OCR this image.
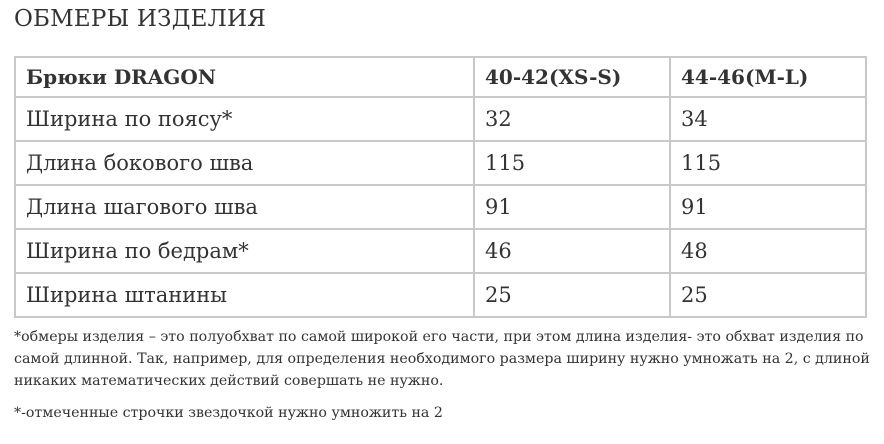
ОБМЕРЫ ИЗДЕЛИЯ
Брюки DRAGON	40-42(XS-S)	44-46(M-L)
Ширина по поясу*	32	34
Длина бокового шва	115	115
Длина шагового шва	91	91
Ширина по бедрам*	46	48
Ширина штанины	25	25
*обмеры изделия – это полуобхват по самой широкой его части, при этом длина изделия- это обхват изделия по самой длинной. Так, например, для определения необходимого размера ширину нужно умножать на 2, с длиной никаких математических действий совершать не нужно.
*-отмеченные строчки звездочкой нужно умножить на 2
